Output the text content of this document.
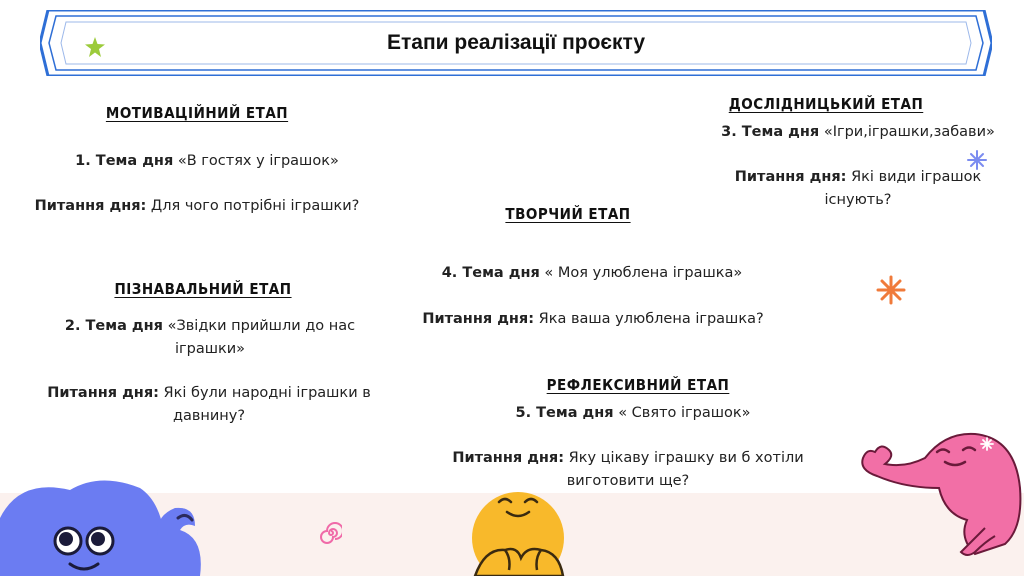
Етапи реалізації проєкту
МОТИВАЦІЙНИЙ ЕТАП
1. Тема дня «В гостях у іграшок»
Питання дня: Для чого потрібні іграшки?
ПІЗНАВАЛЬНИЙ ЕТАП
2. Тема дня «Звідки прийшли до нас іграшки»
Питання дня: Які були народні іграшки в давнину?
ДОСЛІДНИЦЬКИЙ ЕТАП
3. Тема дня «Ігри,іграшки,забави»
Питання дня: Які види іграшок існують?
ТВОРЧИЙ ЕТАП
4. Тема дня « Моя улюблена іграшка»
Питання дня: Яка ваша улюблена іграшка?
РЕФЛЕКСИВНИЙ ЕТАП
5. Тема дня « Свято іграшок»
Питання дня: Яку цікаву іграшку ви б хотіли виготовити ще?
